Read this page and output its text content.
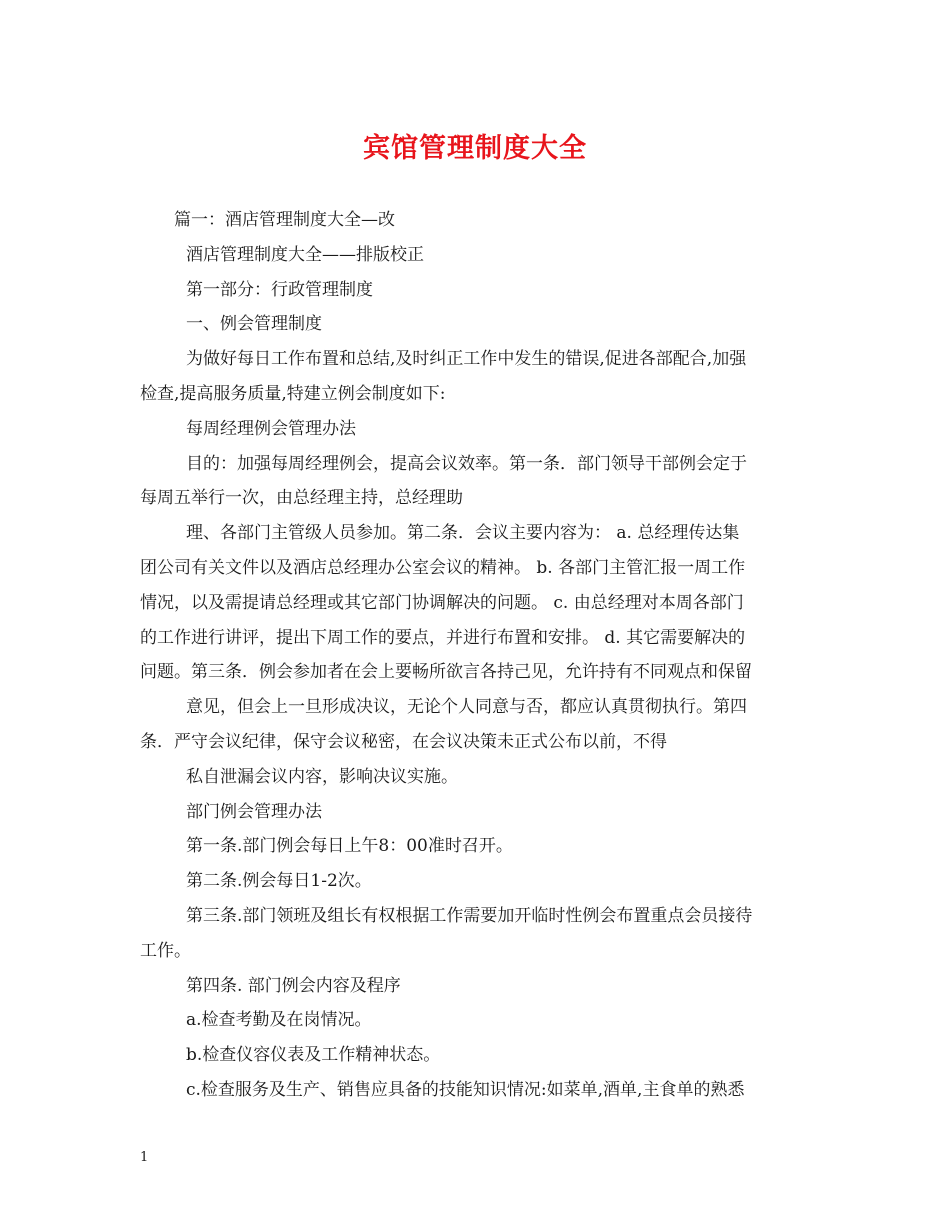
宾馆管理制度大全

篇一：酒店管理制度大全—改

酒店管理制度大全——排版校正

第一部分：行政管理制度

一、例会管理制度

为做好每日工作布置和总结,及时纠正工作中发生的错误,促进各部配合,加强

检查,提高服务质量,特建立例会制度如下:

每周经理例会管理办法

目的：加强每周经理例会，提高会议效率。第一条．部门领导干部例会定于

每周五举行一次，由总经理主持，总经理助

理、各部门主管级人员参加。第二条．会议主要内容为： a. 总经理传达集

团公司有关文件以及酒店总经理办公室会议的精神。 b. 各部门主管汇报一周工作

情况，以及需提请总经理或其它部门协调解决的问题。 c. 由总经理对本周各部门

的工作进行讲评，提出下周工作的要点，并进行布置和安排。 d. 其它需要解决的

问题。第三条．例会参加者在会上要畅所欲言各持己见，允许持有不同观点和保留

意见，但会上一旦形成决议，无论个人同意与否，都应认真贯彻执行。第四

条．严守会议纪律，保守会议秘密，在会议决策未正式公布以前，不得

私自泄漏会议内容，影响决议实施。

部门例会管理办法

第一条.部门例会每日上午8：00准时召开。

第二条.例会每日1-2次。

第三条.部门领班及组长有权根据工作需要加开临时性例会布置重点会员接待

工作。

第四条. 部门例会内容及程序

a.检查考勤及在岗情况。

b.检查仪容仪表及工作精神状态。

c.检查服务及生产、销售应具备的技能知识情况:如菜单,酒单,主食单的熟悉

1
